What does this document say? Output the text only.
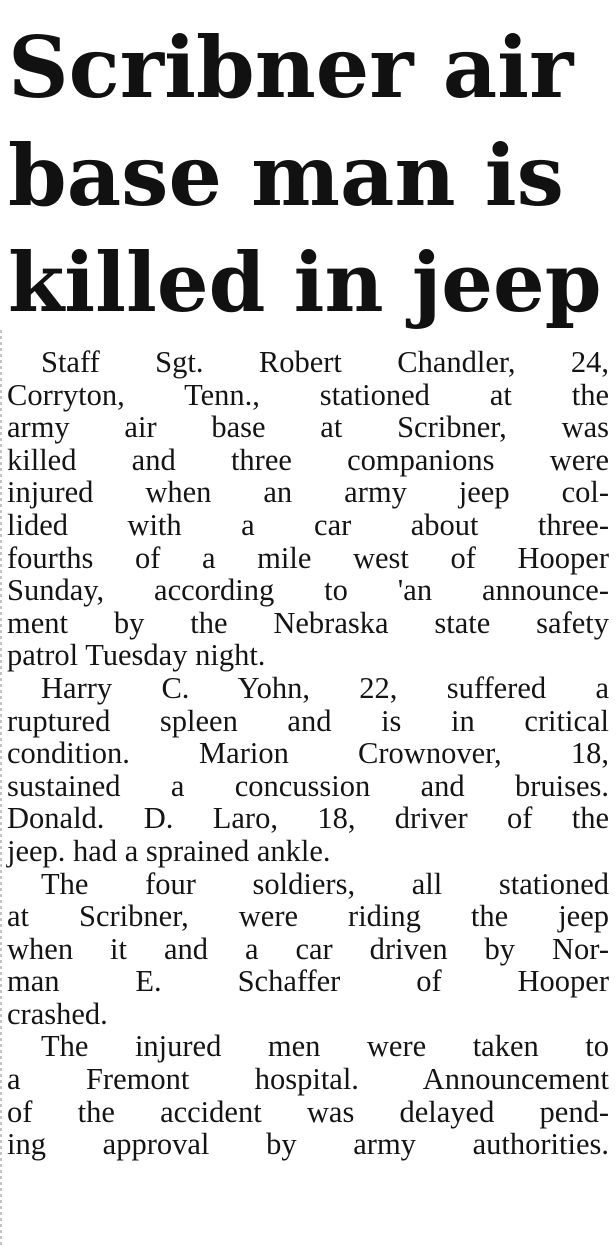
Scribner air
base man is
killed in jeep
Staff Sgt. Robert Chandler, 24,
Corryton, Tenn., stationed at the
army air base at Scribner, was
killed and three companions were
injured when an army jeep col-
lided with a car about three-
fourths of a mile west of Hooper
Sunday, according to 'an announce-
ment by the Nebraska state safety
patrol Tuesday night.
Harry C. Yohn, 22, suffered a
ruptured spleen and is in critical
condition. Marion Crownover, 18,
sustained a concussion and bruises.
Donald. D. Laro, 18, driver of the
jeep. had a sprained ankle.
The four soldiers, all stationed
at Scribner, were riding the jeep
when it and a car driven by Nor-
man E. Schaffer of Hooper
crashed.
The injured men were taken to
a Fremont hospital. Announcement
of the accident was delayed pend-
ing approval by army authorities.
